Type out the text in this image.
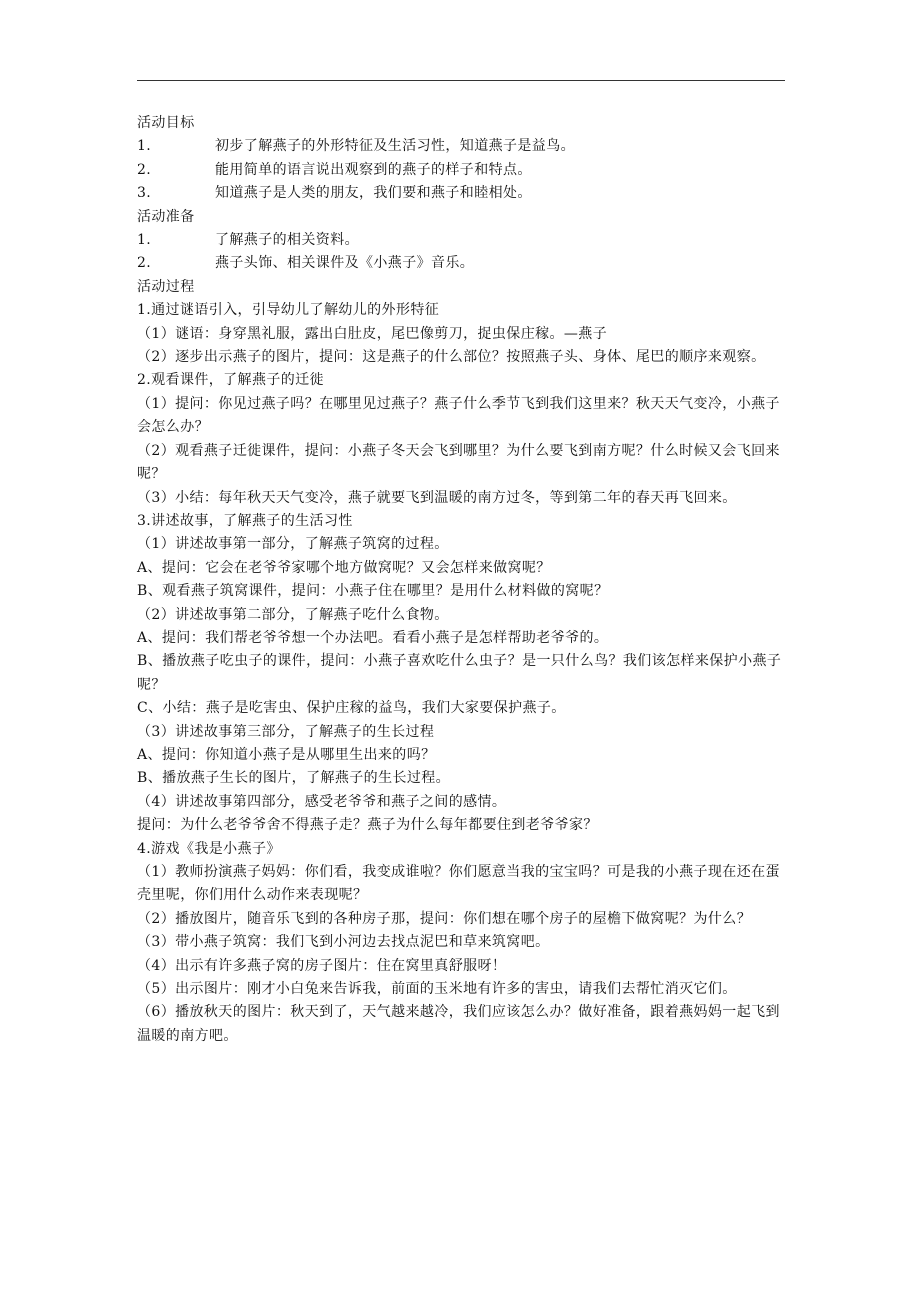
活动目标

1.	初步了解燕子的外形特征及生活习性，知道燕子是益鸟。

2.	能用简单的语言说出观察到的燕子的样子和特点。

3.	知道燕子是人类的朋友，我们要和燕子和睦相处。

活动准备

1.	了解燕子的相关资料。

2.	燕子头饰、相关课件及《小燕子》音乐。

活动过程

1.通过谜语引入，引导幼儿了解幼儿的外形特征

（1）谜语：身穿黑礼服，露出白肚皮，尾巴像剪刀，捉虫保庄稼。—燕子

（2）逐步出示燕子的图片，提问：这是燕子的什么部位？按照燕子头、身体、尾巴的顺序来观察。

2.观看课件，了解燕子的迁徙

（1）提问：你见过燕子吗？在哪里见过燕子？燕子什么季节飞到我们这里来？秋天天气变冷，小燕子会怎么办？

（2）观看燕子迁徙课件，提问：小燕子冬天会飞到哪里？为什么要飞到南方呢？什么时候又会飞回来呢？

（3）小结：每年秋天天气变冷，燕子就要飞到温暖的南方过冬，等到第二年的春天再飞回来。

3.讲述故事，了解燕子的生活习性

（1）讲述故事第一部分，了解燕子筑窝的过程。

A、提问：它会在老爷爷家哪个地方做窝呢？又会怎样来做窝呢？

B、观看燕子筑窝课件，提问：小燕子住在哪里？是用什么材料做的窝呢？

（2）讲述故事第二部分，了解燕子吃什么食物。

A、提问：我们帮老爷爷想一个办法吧。看看小燕子是怎样帮助老爷爷的。

B、播放燕子吃虫子的课件，提问：小燕子喜欢吃什么虫子？是一只什么鸟？我们该怎样来保护小燕子呢？

C、小结：燕子是吃害虫、保护庄稼的益鸟，我们大家要保护燕子。

（3）讲述故事第三部分，了解燕子的生长过程

A、提问：你知道小燕子是从哪里生出来的吗？

B、播放燕子生长的图片，了解燕子的生长过程。

（4）讲述故事第四部分，感受老爷爷和燕子之间的感情。

提问：为什么老爷爷舍不得燕子走？燕子为什么每年都要住到老爷爷家？

4.游戏《我是小燕子》

（1）教师扮演燕子妈妈：你们看，我变成谁啦？你们愿意当我的宝宝吗？可是我的小燕子现在还在蛋壳里呢，你们用什么动作来表现呢？

（2）播放图片，随音乐飞到的各种房子那，提问：你们想在哪个房子的屋檐下做窝呢？为什么？

（3）带小燕子筑窝：我们飞到小河边去找点泥巴和草来筑窝吧。

（4）出示有许多燕子窝的房子图片：住在窝里真舒服呀！

（5）出示图片：刚才小白兔来告诉我，前面的玉米地有许多的害虫，请我们去帮忙消灭它们。

（6）播放秋天的图片：秋天到了，天气越来越冷，我们应该怎么办？做好准备，跟着燕妈妈一起飞到温暖的南方吧。
